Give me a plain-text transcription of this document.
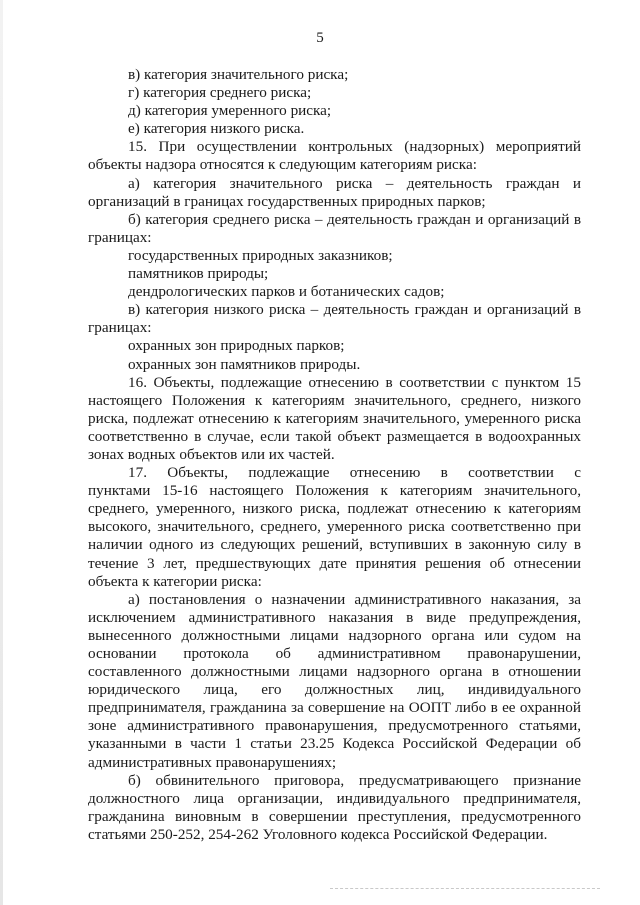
5
в) категория значительного риска;
г) категория среднего риска;
д) категория умеренного риска;
е) категория низкого риска.
15. При осуществлении контрольных (надзорных) мероприятий
объекты надзора относятся к следующим категориям риска:
а) категория значительного риска – деятельность граждан и
организаций в границах государственных природных парков;
б) категория среднего риска – деятельность граждан и организаций в
границах:
государственных природных заказников;
памятников природы;
дендрологических парков и ботанических садов;
в) категория низкого риска – деятельность граждан и организаций в
границах:
охранных зон природных парков;
охранных зон памятников природы.
16. Объекты, подлежащие отнесению в соответствии с пунктом 15
настоящего Положения к категориям значительного, среднего, низкого
риска, подлежат отнесению к категориям значительного, умеренного риска
соответственно в случае, если такой объект размещается в водоохранных
зонах водных объектов или их частей.
17. Объекты, подлежащие отнесению в соответствии с
пунктами 15-16 настоящего Положения к категориям значительного,
среднего, умеренного, низкого риска, подлежат отнесению к категориям
высокого, значительного, среднего, умеренного риска соответственно при
наличии одного из следующих решений, вступивших в законную силу в
течение 3 лет, предшествующих дате принятия решения об отнесении
объекта к категории риска:
а) постановления о назначении административного наказания, за
исключением административного наказания в виде предупреждения,
вынесенного должностными лицами надзорного органа или судом на
основании протокола об административном правонарушении,
составленного должностными лицами надзорного органа в отношении
юридического лица, его должностных лиц, индивидуального
предпринимателя, гражданина за совершение на ООПТ либо в ее охранной
зоне административного правонарушения, предусмотренного статьями,
указанными в части 1 статьи 23.25 Кодекса Российской Федерации об
административных правонарушениях;
б) обвинительного приговора, предусматривающего признание
должностного лица организации, индивидуального предпринимателя,
гражданина виновным в совершении преступления, предусмотренного
статьями 250-252, 254-262 Уголовного кодекса Российской Федерации.
